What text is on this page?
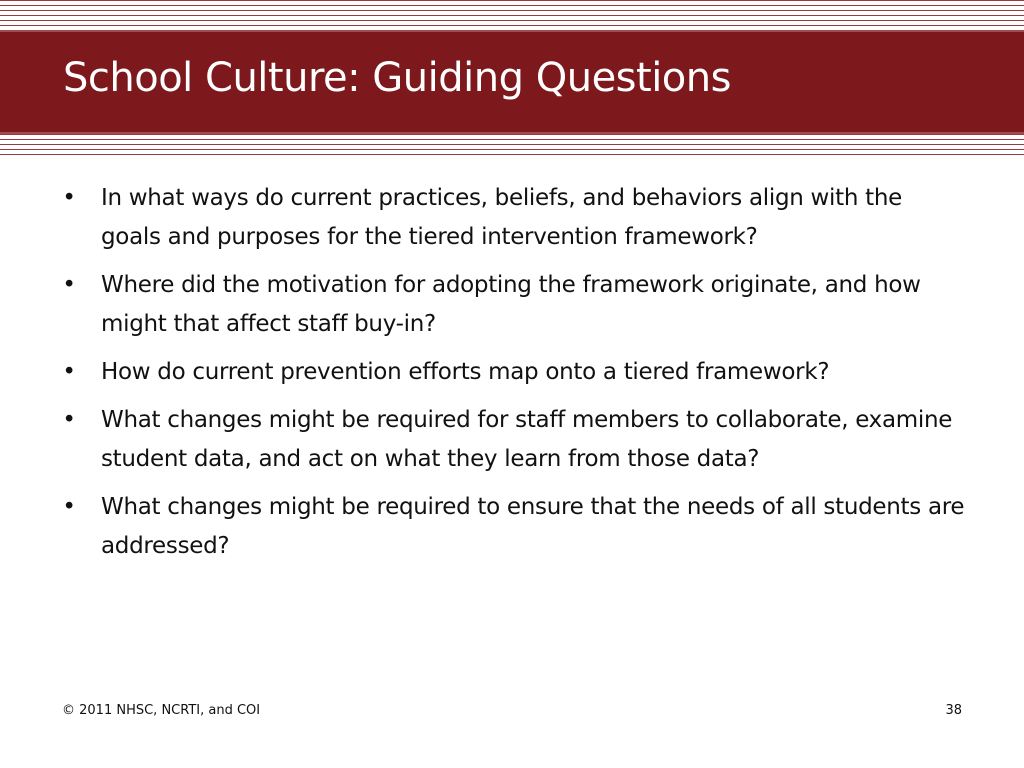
School Culture: Guiding Questions
• In what ways do current practices, beliefs, and behaviors align with the goals and purposes for the tiered intervention framework?
• Where did the motivation for adopting the framework originate, and how might that affect staff buy-in?
• How do current prevention efforts map onto a tiered framework?
• What changes might be required for staff members to collaborate, examine student data, and act on what they learn from those data?
• What changes might be required to ensure that the needs of all students are addressed?
© 2011 NHSC, NCRTI, and COI	38
